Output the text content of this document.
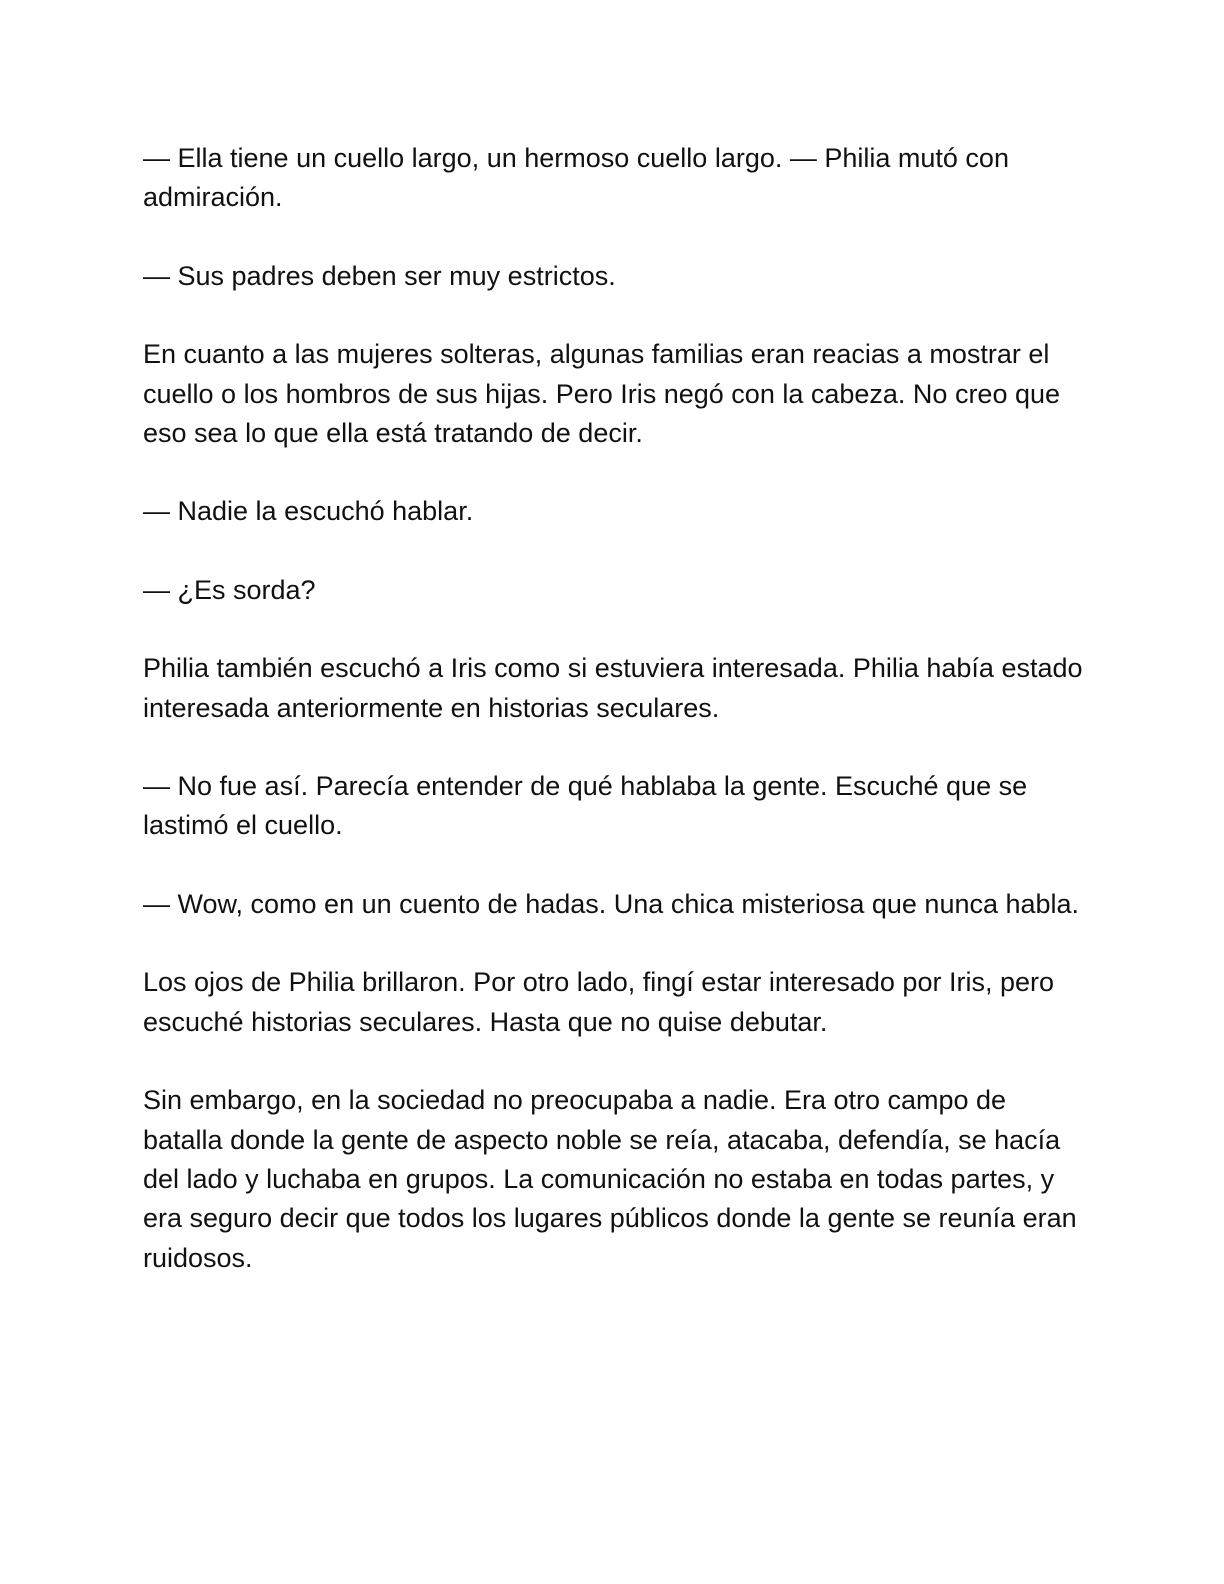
— Ella tiene un cuello largo, un hermoso cuello largo. — Philia mutó con admiración.

— Sus padres deben ser muy estrictos.

En cuanto a las mujeres solteras, algunas familias eran reacias a mostrar el cuello o los hombros de sus hijas. Pero Iris negó con la cabeza. No creo que eso sea lo que ella está tratando de decir.

— Nadie la escuchó hablar.

— ¿Es sorda?

Philia también escuchó a Iris como si estuviera interesada. Philia había estado interesada anteriormente en historias seculares.

— No fue así. Parecía entender de qué hablaba la gente. Escuché que se lastimó el cuello.

— Wow, como en un cuento de hadas. Una chica misteriosa que nunca habla.

Los ojos de Philia brillaron. Por otro lado, fingí estar interesado por Iris, pero escuché historias seculares. Hasta que no quise debutar.

Sin embargo, en la sociedad no preocupaba a nadie. Era otro campo de batalla donde la gente de aspecto noble se reía, atacaba, defendía, se hacía del lado y luchaba en grupos. La comunicación no estaba en todas partes, y era seguro decir que todos los lugares públicos donde la gente se reunía eran ruidosos.
